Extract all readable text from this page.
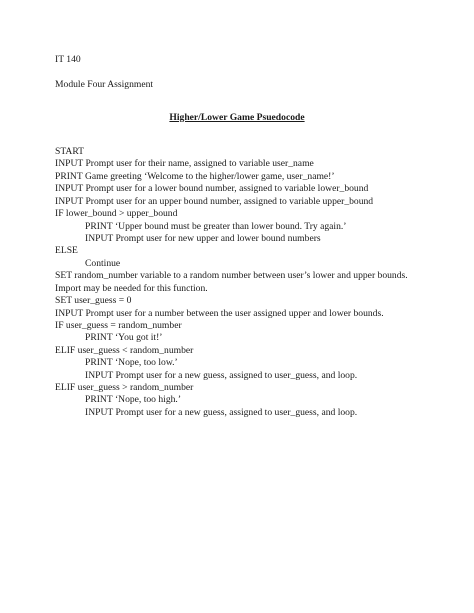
IT 140
Module Four Assignment
Higher/Lower Game Psuedocode
START
INPUT Prompt user for their name, assigned to variable user_name
PRINT Game greeting ‘Welcome to the higher/lower game, user_name!’
INPUT Prompt user for a lower bound number, assigned to variable lower_bound
INPUT Prompt user for an upper bound number, assigned to variable upper_bound
IF lower_bound > upper_bound
PRINT ‘Upper bound must be greater than lower bound. Try again.’
INPUT Prompt user for new upper and lower bound numbers
ELSE
Continue
SET random_number variable to a random number between user’s lower and upper bounds.
Import may be needed for this function.
SET user_guess = 0
INPUT Prompt user for a number between the user assigned upper and lower bounds.
IF user_guess = random_number
PRINT ‘You got it!’
ELIF user_guess < random_number
PRINT ‘Nope, too low.’
INPUT Prompt user for a new guess, assigned to user_guess, and loop.
ELIF user_guess > random_number
PRINT ‘Nope, too high.’
INPUT Prompt user for a new guess, assigned to user_guess, and loop.
